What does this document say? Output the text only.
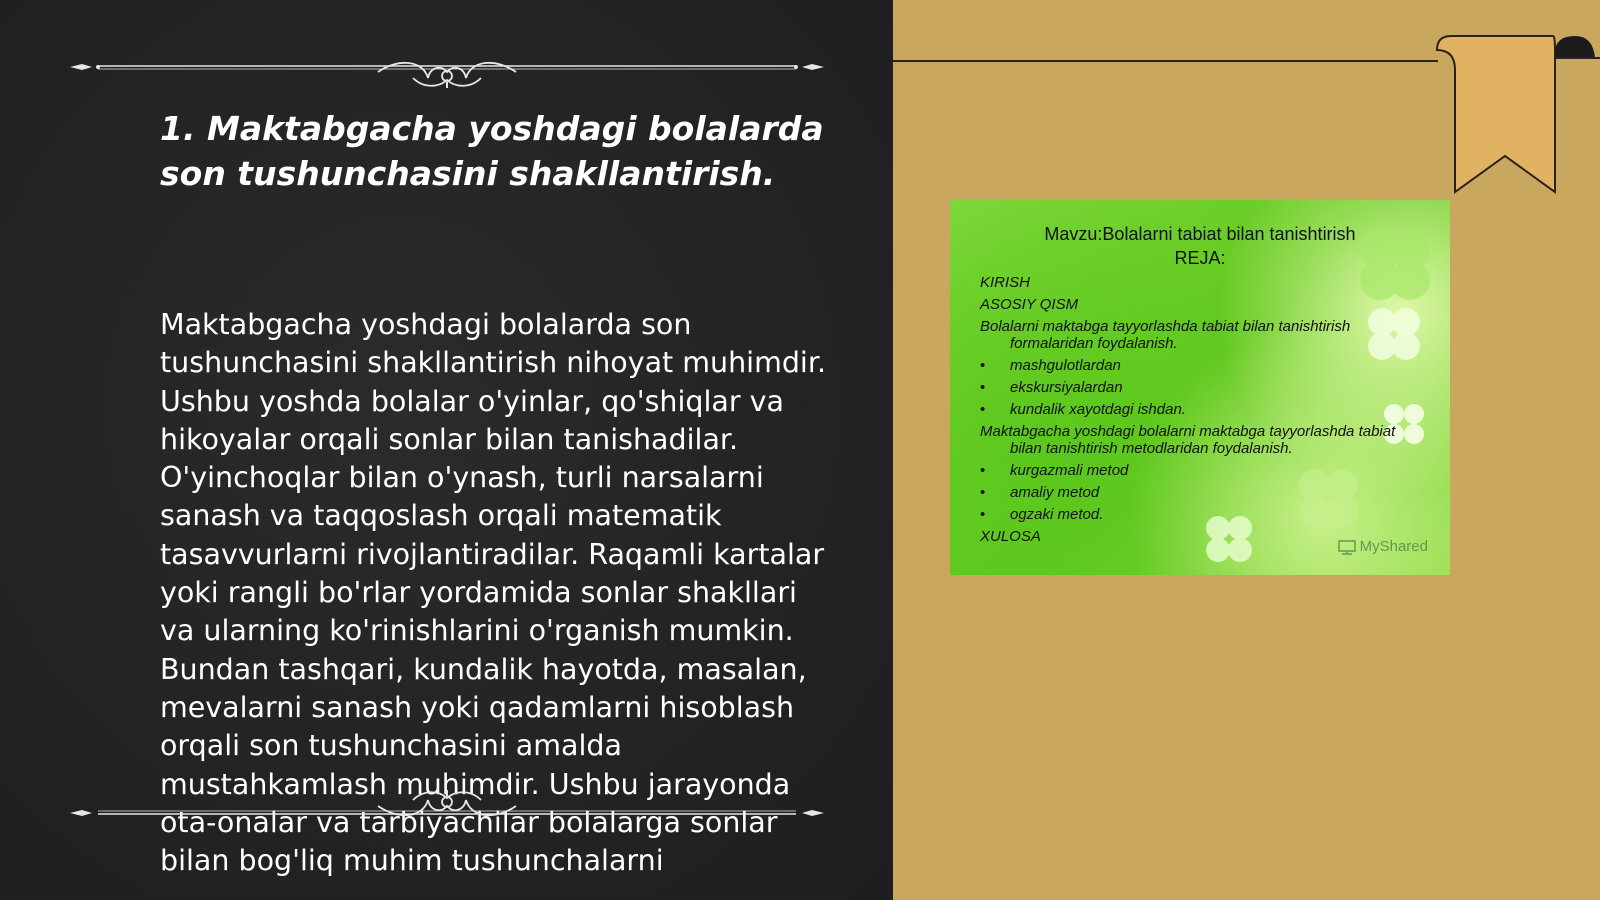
1. Maktabgacha yoshdagi bolalarda son tushunchasini shakllantirish.

Maktabgacha yoshdagi bolalarda son tushunchasini shakllantirish nihoyat muhimdir. Ushbu yoshda bolalar o'yinlar, qo'shiqlar va hikoyalar orqali sonlar bilan tanishadilar. O'yinchoqlar bilan o'ynash, turli narsalarni sanash va taqqoslash orqali matematik tasavvurlarni rivojlantiradilar. Raqamli kartalar yoki rangli bo'rlar yordamida sonlar shakllari va ularning ko'rinishlarini o'rganish mumkin. Bundan tashqari, kundalik hayotda, masalan, mevalarni sanash yoki qadamlarni hisoblash orqali son tushunchasini amalda mustahkamlash muhimdir. Ushbu jarayonda ota-onalar va tarbiyachilar bolalarga sonlar bilan bog'liq muhim tushunchalarni

Mavzu:Bolalarni tabiat bilan tanishtirish
REJA:

KIRISH
ASOSIY QISM
Bolalarni maktabga tayyorlashda tabiat bilan tanishtirish formalaridan foydalanish.
• mashgulotlardan
• ekskursiyalardan
• kundalik xayotdagi ishdan.
Maktabgacha yoshdagi bolalarni maktabga tayyorlashda tabiat bilan tanishtirish metodlaridan foydalanish.
• kurgazmali metod
• amaliy metod
• ogzaki metod.
XULOSA
MyShared
